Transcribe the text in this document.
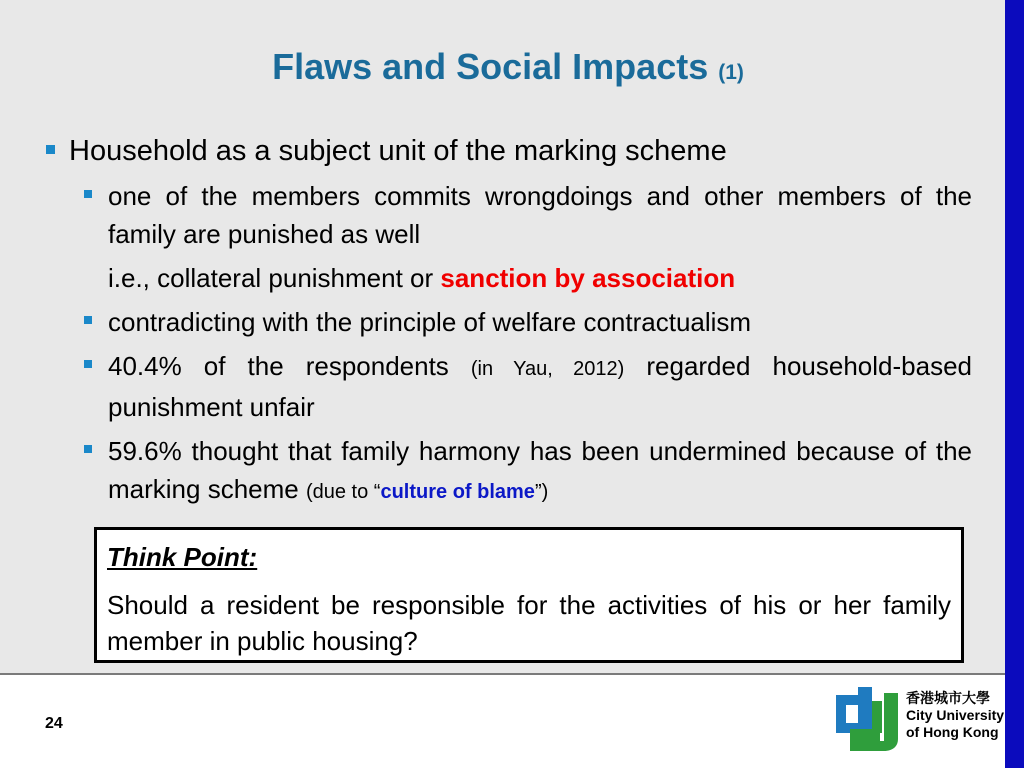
Flaws and Social Impacts (1)
Household as a subject unit of the marking scheme
one of the members commits wrongdoings and other members of the family are punished as well
i.e., collateral punishment or sanction by association
contradicting with the principle of welfare contractualism
40.4% of the respondents (in Yau, 2012) regarded household-based punishment unfair
59.6% thought that family harmony has been undermined because of the marking scheme (due to “culture of blame”)
Think Point:
Should a resident be responsible for the activities of his or her family member in public housing?
24
香港城市大學
City University
of Hong Kong
